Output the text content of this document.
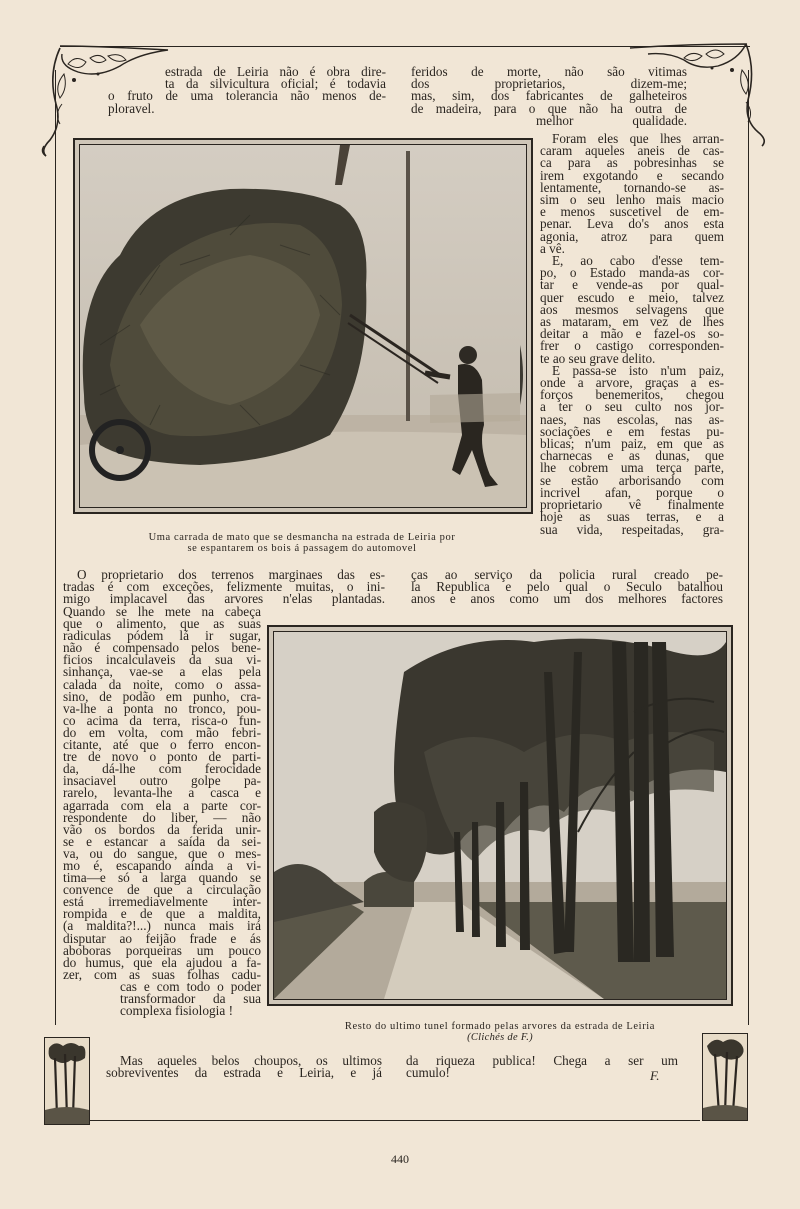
estrada de Leiria não é obra dire-
ta da silvicultura oficial; é todavia
o fruto de uma tolerancia não menos de-
ploravel.
feridos de morte, não são vitimas
dos proprietarios, dizem-me;
mas, sim, dos fabricantes de galheteiros
de madeira, para o que não ha outra de
melhor qualidade.
Uma carrada de mato que se desmancha na estrada de Leiria por
se espantarem os bois á passagem do automovel
Foram eles que lhes arran-
caram aqueles aneis de cas-
ca para as pobresinhas se
irem exgotando e secando
lentamente, tornando-se as-
sim o seu lenho mais macio
e menos suscetivel de em-
penar. Leva do's anos esta
agonia, atroz para quem
a vê.
E, ao cabo d'esse tem-
po, o Estado manda-as cor-
tar e vende-as por qual-
quer escudo e meio, talvez
aos mesmos selvagens que
as mataram, em vez de lhes
deitar a mão e fazel-os so-
frer o castigo corresponden-
te ao seu grave delito.
E passa-se isto n'um paiz,
onde a arvore, graças a es-
forços benemeritos, chegou
a ter o seu culto nos jor-
naes, nas escolas, nas as-
sociações e em festas pu-
blicas; n'um paiz, em que as
charnecas e as dunas, que
lhe cobrem uma terça parte,
se estão arborisando com
incrivel afan, porque o
proprietario vê finalmente
hoje as suas terras, e a
sua vida, respeitadas, gra-
O proprietario dos terrenos marginaes das es-
tradas é com exceções, felizmente muitas, o ini-
migo implacavel das arvores n'elas plantadas.
ças ao serviço da policia rural creado pe-
la Republica e pelo qual o Seculo batalhou
anos e anos como um dos melhores factores
Quando se lhe mete na cabeça
que o alimento, que as suas
radiculas pódem lá ir sugar,
não é compensado pelos bene-
ficios incalculaveis da sua vi-
sinhança, vae-se a elas pela
calada da noite, como o assa-
sino, de podão em punho, cra-
va-lhe a ponta no tronco, pou-
co acima da terra, risca-o fun-
do em volta, com mão febri-
citante, até que o ferro encon-
tre de novo o ponto de parti-
da, dá-lhe com ferocidade
insaciavel outro golpe pa-
rarelo, levanta-lhe a casca e
agarrada com ela a parte cor-
respondente do liber, — não
vão os bordos da ferida unir-
se e estancar a saída da sei-
va, ou do sangue, que o mes-
mo é, escapando ainda a vi-
tima—e só a larga quando se
convence de que a circulação
está irremediavelmente inter-
rompida e de que a maldita,
(a maldita?!...) nunca mais irá
disputar ao feijão frade e ás
aboboras porqueiras um pouco
do humus, que ela ajudou a fa-
zer, com as suas folhas cadu-
cas e com todo o poder
transformador da sua
complexa fisiologia !
Resto do ultimo tunel formado pelas arvores da estrada de Leiria
(Clichés de F.)
Mas aqueles belos choupos, os ultimos
sobreviventes da estrada e Leiria, e já
da riqueza publica! Chega a ser um
cumulo!	F.
440
